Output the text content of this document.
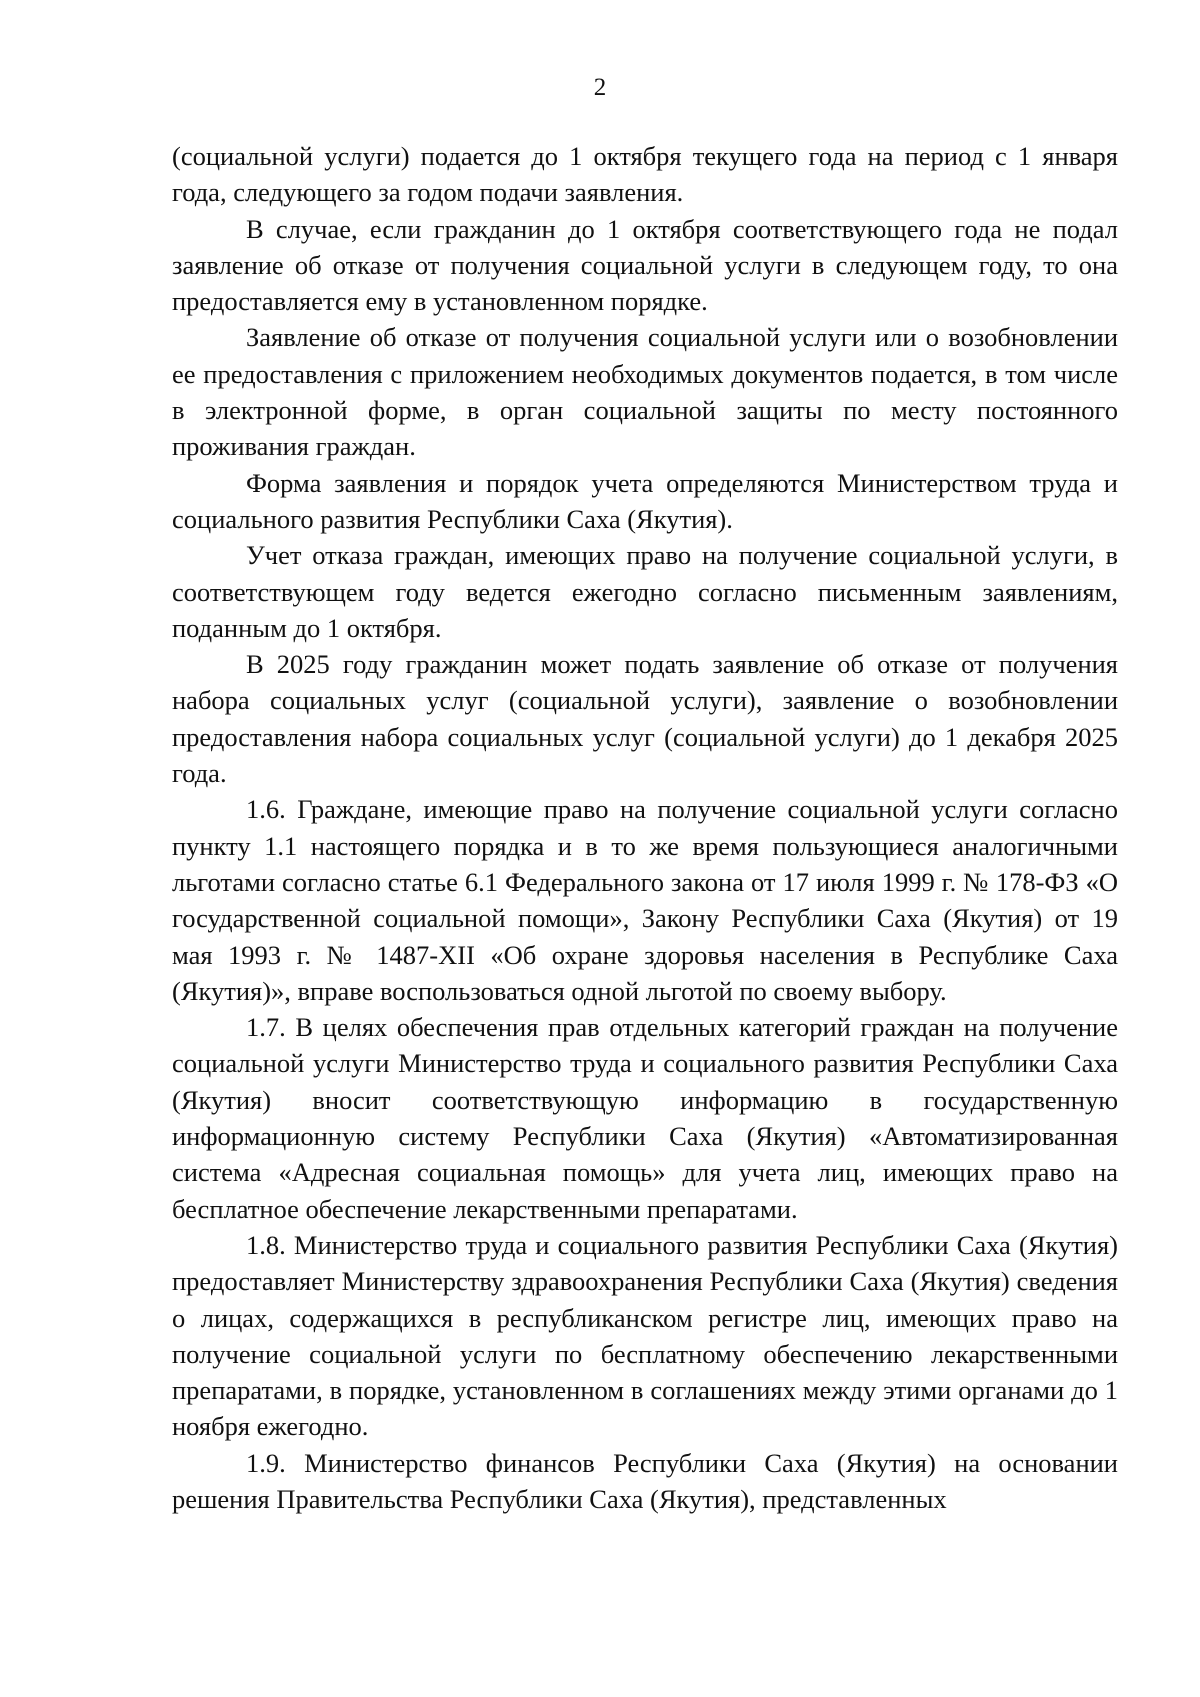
2

(социальной услуги) подается до 1 октября текущего года на период с 1 января года, следующего за годом подачи заявления.

В случае, если гражданин до 1 октября соответствующего года не подал заявление об отказе от получения социальной услуги в следующем году, то она предоставляется ему в установленном порядке.

Заявление об отказе от получения социальной услуги или о возобновлении ее предоставления с приложением необходимых документов подается, в том числе в электронной форме, в орган социальной защиты по месту постоянного проживания граждан.

Форма заявления и порядок учета определяются Министерством труда и социального развития Республики Саха (Якутия).

Учет отказа граждан, имеющих право на получение социальной услуги, в соответствующем году ведется ежегодно согласно письменным заявлениям, поданным до 1 октября.

В 2025 году гражданин может подать заявление об отказе от получения набора социальных услуг (социальной услуги), заявление о возобновлении предоставления набора социальных услуг (социальной услуги) до 1 декабря 2025 года.

1.6. Граждане, имеющие право на получение социальной услуги согласно пункту 1.1 настоящего порядка и в то же время пользующиеся аналогичными льготами согласно статье 6.1 Федерального закона от 17 июля 1999 г. № 178-ФЗ «О государственной социальной помощи», Закону Республики Саха (Якутия) от 19 мая 1993 г. № 1487-XII «Об охране здоровья населения в Республике Саха (Якутия)», вправе воспользоваться одной льготой по своему выбору.

1.7. В целях обеспечения прав отдельных категорий граждан на получение социальной услуги Министерство труда и социального развития Республики Саха (Якутия) вносит соответствующую информацию в государственную информационную систему Республики Саха (Якутия) «Автоматизированная система «Адресная социальная помощь» для учета лиц, имеющих право на бесплатное обеспечение лекарственными препаратами.

1.8. Министерство труда и социального развития Республики Саха (Якутия) предоставляет Министерству здравоохранения Республики Саха (Якутия) сведения о лицах, содержащихся в республиканском регистре лиц, имеющих право на получение социальной услуги по бесплатному обеспечению лекарственными препаратами, в порядке, установленном в соглашениях между этими органами до 1 ноября ежегодно.

1.9. Министерство финансов Республики Саха (Якутия) на основании решения Правительства Республики Саха (Якутия), представленных
